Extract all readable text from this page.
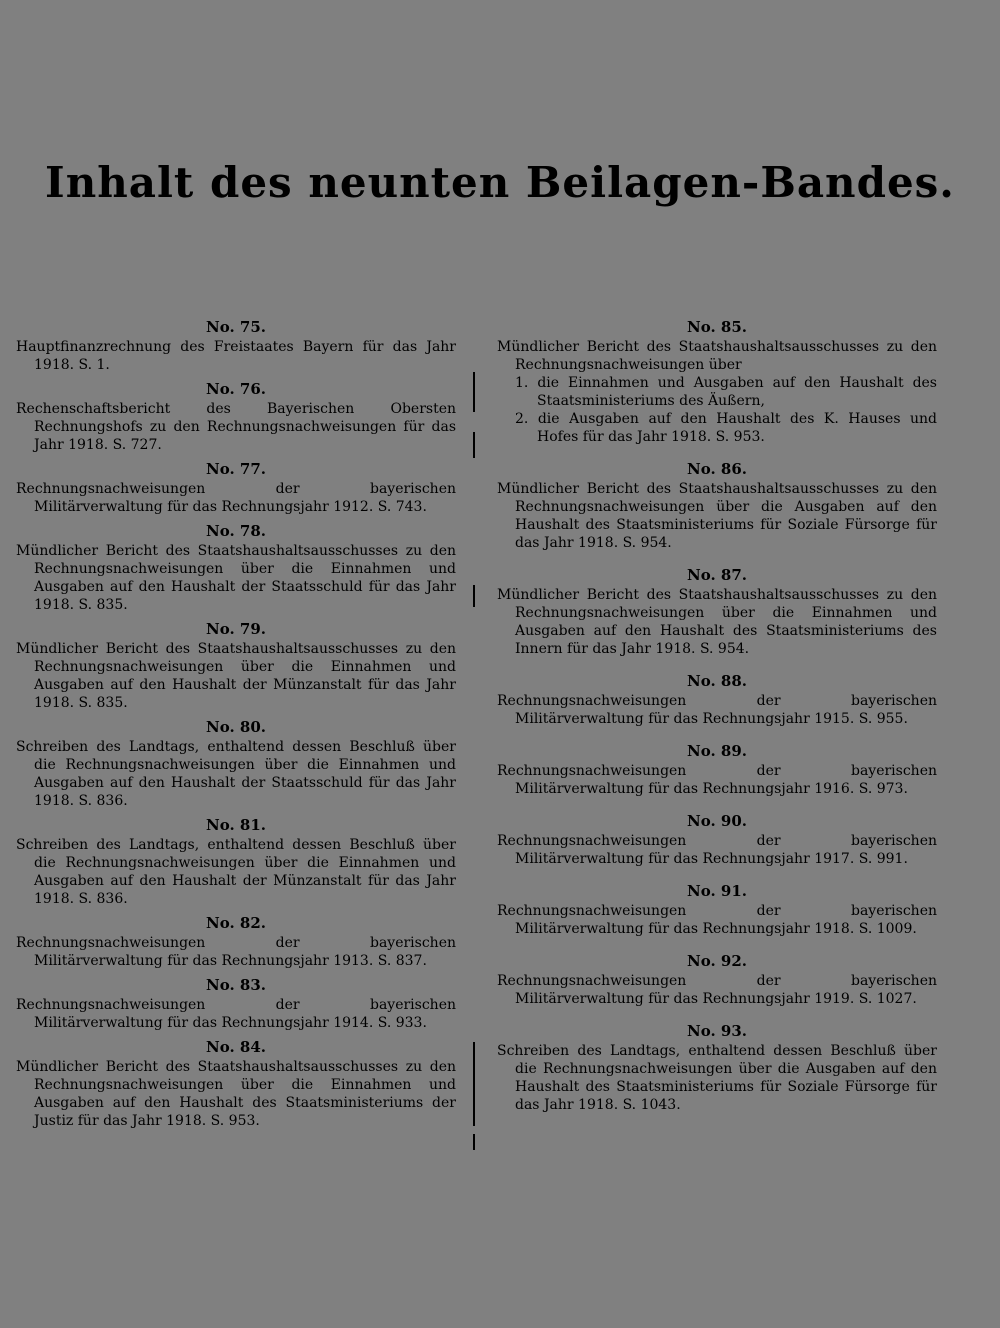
Inhalt des neunten Beilagen-Bandes.
No. 75.
Hauptfinanzrechnung des Freistaates Bayern für das Jahr 1918. S. 1.
No. 76.
Rechenschaftsbericht des Bayerischen Obersten Rechnungshofs zu den Rechnungsnachweisungen für das Jahr 1918. S. 727.
No. 77.
Rechnungsnachweisungen der bayerischen Militärverwaltung für das Rechnungsjahr 1912. S. 743.
No. 78.
Mündlicher Bericht des Staatshaushaltsausschusses zu den Rechnungsnachweisungen über die Einnahmen und Ausgaben auf den Haushalt der Staatsschuld für das Jahr 1918. S. 835.
No. 79.
Mündlicher Bericht des Staatshaushaltsausschusses zu den Rechnungsnachweisungen über die Einnahmen und Ausgaben auf den Haushalt der Münzanstalt für das Jahr 1918. S. 835.
No. 80.
Schreiben des Landtags, enthaltend dessen Beschluß über die Rechnungsnachweisungen über die Einnahmen und Ausgaben auf den Haushalt der Staatsschuld für das Jahr 1918. S. 836.
No. 81.
Schreiben des Landtags, enthaltend dessen Beschluß über die Rechnungsnachweisungen über die Einnahmen und Ausgaben auf den Haushalt der Münzanstalt für das Jahr 1918. S. 836.
No. 82.
Rechnungsnachweisungen der bayerischen Militärverwaltung für das Rechnungsjahr 1913. S. 837.
No. 83.
Rechnungsnachweisungen der bayerischen Militärverwaltung für das Rechnungsjahr 1914. S. 933.
No. 84.
Mündlicher Bericht des Staatshaushaltsausschusses zu den Rechnungsnachweisungen über die Einnahmen und Ausgaben auf den Haushalt des Staatsministeriums der Justiz für das Jahr 1918. S. 953.
No. 85.
Mündlicher Bericht des Staatshaushaltsausschusses zu den Rechnungsnachweisungen über
1. die Einnahmen und Ausgaben auf den Haushalt des Staatsministeriums des Äußern,
2. die Ausgaben auf den Haushalt des K. Hauses und Hofes für das Jahr 1918. S. 953.
No. 86.
Mündlicher Bericht des Staatshaushaltsausschusses zu den Rechnungsnachweisungen über die Ausgaben auf den Haushalt des Staatsministeriums für Soziale Fürsorge für das Jahr 1918. S. 954.
No. 87.
Mündlicher Bericht des Staatshaushaltsausschusses zu den Rechnungsnachweisungen über die Einnahmen und Ausgaben auf den Haushalt des Staatsministeriums des Innern für das Jahr 1918. S. 954.
No. 88.
Rechnungsnachweisungen der bayerischen Militärverwaltung für das Rechnungsjahr 1915. S. 955.
No. 89.
Rechnungsnachweisungen der bayerischen Militärverwaltung für das Rechnungsjahr 1916. S. 973.
No. 90.
Rechnungsnachweisungen der bayerischen Militärverwaltung für das Rechnungsjahr 1917. S. 991.
No. 91.
Rechnungsnachweisungen der bayerischen Militärverwaltung für das Rechnungsjahr 1918. S. 1009.
No. 92.
Rechnungsnachweisungen der bayerischen Militärverwaltung für das Rechnungsjahr 1919. S. 1027.
No. 93.
Schreiben des Landtags, enthaltend dessen Beschluß über die Rechnungsnachweisungen über die Ausgaben auf den Haushalt des Staatsministeriums für Soziale Fürsorge für das Jahr 1918. S. 1043.
